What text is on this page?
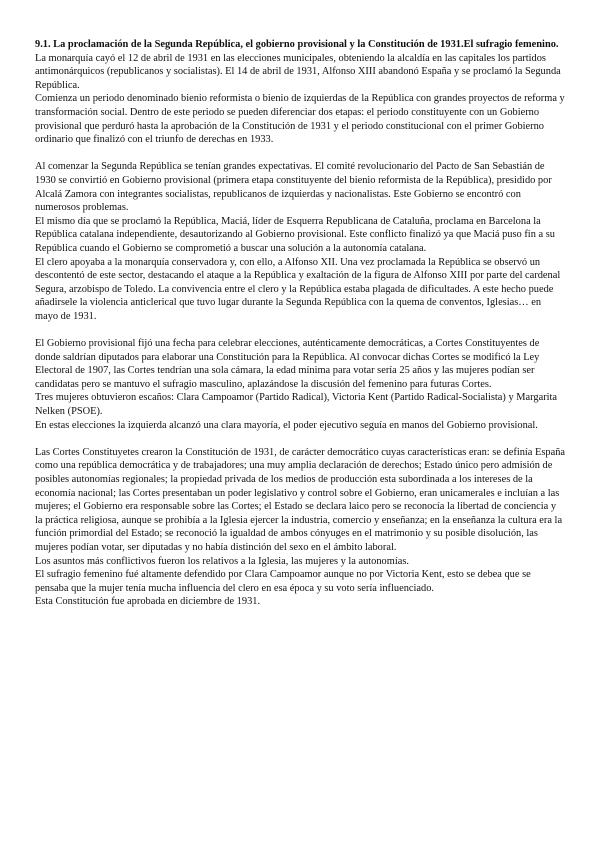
9.1. La proclamación de la Segunda República, el gobierno provisional y la Constitución de 1931.El sufragio femenino.

La monarquía cayó el 12 de abril de 1931 en las elecciones municipales, obteniendo la alcaldía en las capitales los partidos antimonárquicos (republicanos y socialistas). El 14 de abril de 1931, Alfonso XIII abandonó España y se proclamó la Segunda República.

Comienza un periodo denominado bienio reformista o bienio de izquierdas de la República con grandes proyectos de reforma y transformación social. Dentro de este periodo se pueden diferenciar dos etapas: el periodo constituyente con un Gobierno provisional que perduró hasta la aprobación de la Constitución de 1931 y el periodo constitucional con el primer Gobierno ordinario que finalizó con el triunfo de derechas en 1933.

Al comenzar la Segunda República se tenían grandes expectativas. El comité revolucionario del Pacto de San Sebastián de 1930 se convirtió en Gobierno provisional (primera etapa constituyente del bienio reformista de la República), presidido por Alcalá Zamora con integrantes socialistas, republicanos de izquierdas y nacionalistas. Este Gobierno se encontró con numerosos problemas.

El mismo día que se proclamó la República, Maciá, líder de Esquerra Republicana de Cataluña, proclama en Barcelona la República catalana independiente, desautorizando al Gobierno provisional. Este conflicto finalizó ya que Maciá puso fin a su República cuando el Gobierno se comprometió a buscar una solución a la autonomía catalana.

El clero apoyaba a la monarquía conservadora y, con ello, a Alfonso XII. Una vez proclamada la República se observó un descontentó de este sector, destacando el ataque a la República y exaltación de la figura de Alfonso XIII por parte del cardenal Segura, arzobispo de Toledo. La convivencia entre el clero y la República estaba plagada de dificultades. A este hecho puede añadirsele la violencia anticlerical que tuvo lugar durante la Segunda República con la quema de conventos, Iglesias… en mayo de 1931.

El Gobierno provisional fijó una fecha para celebrar elecciones, auténticamente democráticas, a Cortes Constituyentes de donde saldrían diputados para elaborar una Constitución para la República. Al convocar dichas Cortes se modificó la Ley Electoral de 1907, las Cortes tendrían una sola cámara, la edad mínima para votar sería 25 años y las mujeres podían ser candidatas pero se mantuvo el sufragio masculino, aplazándose la discusión del femenino para futuras Cortes.

Tres mujeres obtuvieron escaños: Clara Campoamor (Partido Radical), Victoria Kent (Partido Radical-Socialista) y Margarita Nelken (PSOE).

En estas elecciones la izquierda alcanzó una clara mayoría, el poder ejecutivo seguía en manos del Gobierno provisional.

Las Cortes Constituyetes crearon la Constitución de 1931, de carácter democrático cuyas características eran: se definía España como una república democrática y de trabajadores; una muy amplia declaración de derechos; Estado único pero admisión de posibles autonomías regionales; la propiedad privada de los medios de producción esta subordinada a los intereses de la economía nacional; las Cortes presentaban un poder legislativo y control sobre el Gobierno, eran unicamerales e incluían a las mujeres; el Gobierno era responsable sobre las Cortes; el Estado se declara laico pero se reconocía la libertad de conciencia y la práctica religiosa, aunque se prohibía a la Iglesia ejercer la industria, comercio y enseñanza; en la enseñanza la cultura era la función primordial del Estado; se reconoció la igualdad de ambos cónyuges en el matrimonio y su posible disolución, las mujeres podían votar, ser diputadas y no había distinción del sexo en el ámbito laboral.

Los asuntos más conflictivos fueron los relativos a la Iglesia, las mujeres y la autonomías.

El sufragio femenino fué altamente defendido por Clara Campoamor aunque no por Victoria Kent, esto se debea que se pensaba que la mujer tenía mucha influencia del clero en esa época y su voto sería influenciado.

Esta Constitución fue aprobada en diciembre de 1931.
